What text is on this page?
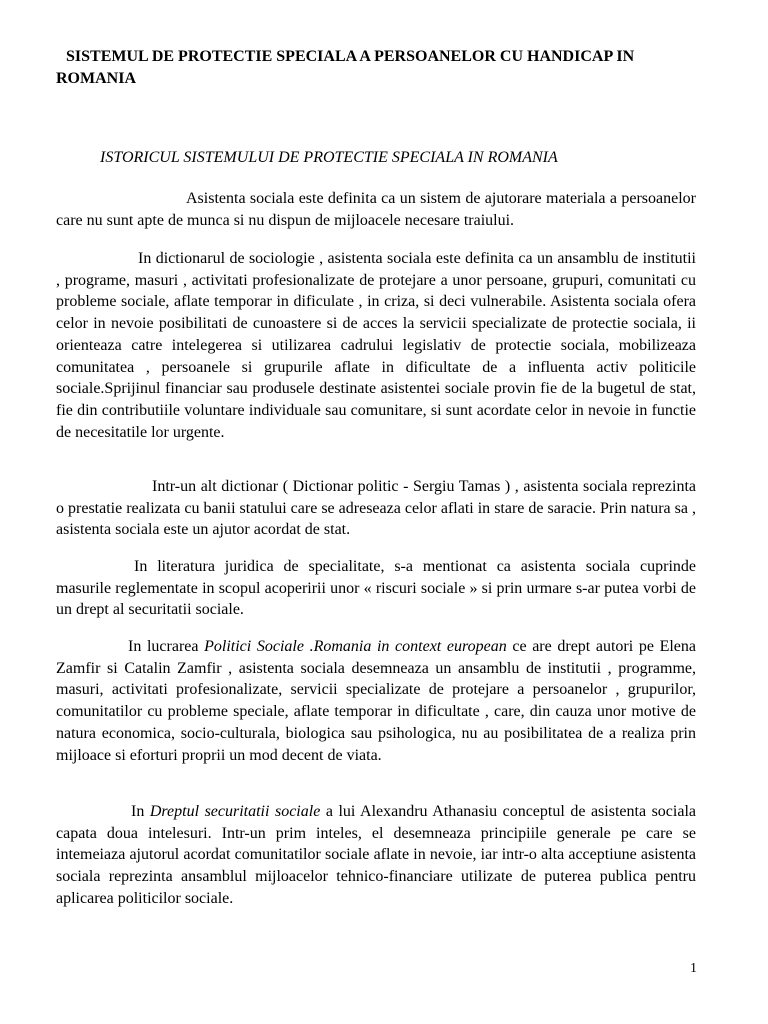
SISTEMUL DE PROTECTIE SPECIALA A PERSOANELOR CU HANDICAP IN ROMANIA
ISTORICUL SISTEMULUI DE PROTECTIE SPECIALA IN ROMANIA

Asistenta sociala este definita ca un sistem de ajutorare materiala a persoanelor care nu sunt apte de munca si nu dispun de mijloacele necesare traiului.

In dictionarul de sociologie , asistenta sociala este definita ca un ansamblu de institutii , programe, masuri , activitati profesionalizate de protejare a unor persoane, grupuri, comunitati cu probleme sociale, aflate temporar in dificulate , in criza, si deci vulnerabile. Asistenta sociala ofera celor in nevoie posibilitati de cunoastere si de acces la servicii specializate de protectie sociala, ii orienteaza catre intelegerea si utilizarea cadrului legislativ de protectie sociala, mobilizeaza comunitatea , persoanele si grupurile aflate in dificultate de a influenta activ politicile sociale.Sprijinul financiar sau produsele destinate asistentei sociale provin fie de la bugetul de stat, fie din contributiile voluntare individuale sau comunitare, si sunt acordate celor in nevoie in functie de necesitatile lor urgente.

Intr-un alt dictionar ( Dictionar politic - Sergiu Tamas ) , asistenta sociala reprezinta o prestatie realizata cu banii statului care se adreseaza celor aflati in stare de saracie. Prin natura sa , asistenta sociala este un ajutor acordat de stat.

In literatura juridica de specialitate, s-a mentionat ca asistenta sociala cuprinde masurile reglementate in scopul acoperirii unor « riscuri sociale » si prin urmare s-ar putea vorbi de un drept al securitatii sociale.

In lucrarea Politici Sociale .Romania in context european ce are drept autori pe Elena Zamfir si Catalin Zamfir , asistenta sociala desemneaza un ansamblu de institutii , programme, masuri, activitati profesionalizate, servicii specializate de protejare a persoanelor , grupurilor, comunitatilor cu probleme speciale, aflate temporar in dificultate , care, din cauza unor motive de natura economica, socio-culturala, biologica sau psihologica, nu au posibilitatea de a realiza prin mijloace si eforturi proprii un mod decent de viata.

In Dreptul securitatii sociale a lui Alexandru Athanasiu conceptul de asistenta sociala capata doua intelesuri. Intr-un prim inteles, el desemneaza principiile generale pe care se intemeiaza ajutorul acordat comunitatilor sociale aflate in nevoie, iar intr-o alta acceptiune asistenta sociala reprezinta ansamblul mijloacelor tehnico-financiare utilizate de puterea publica pentru aplicarea politicilor sociale.

1
